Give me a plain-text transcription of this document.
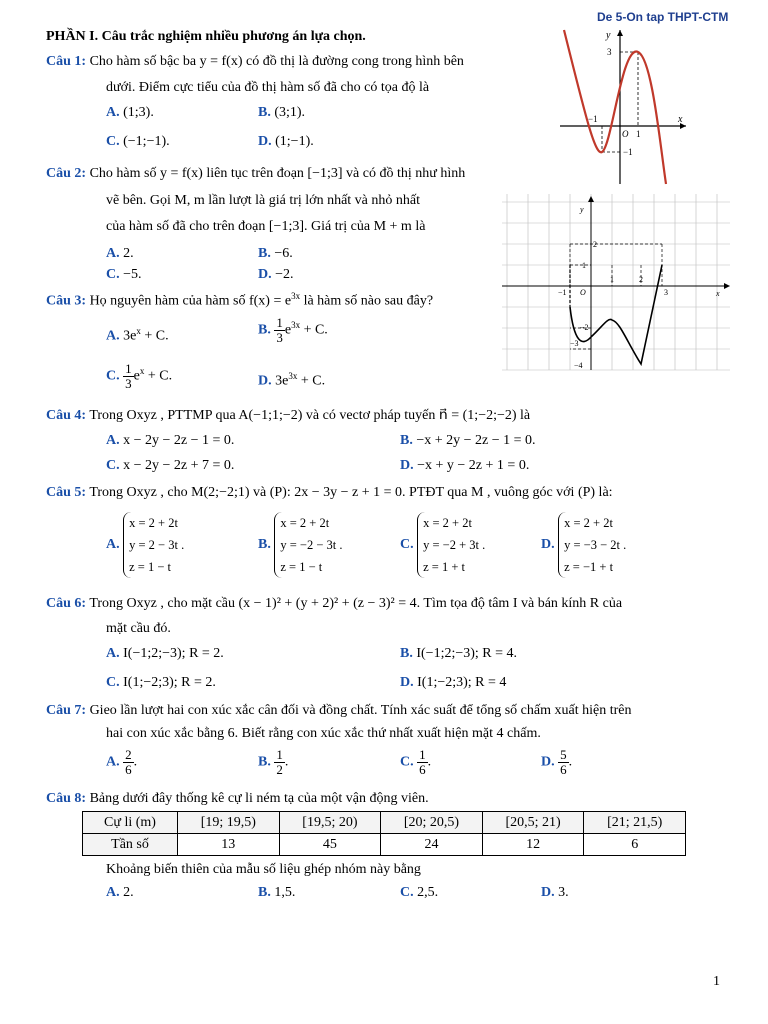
De 5-On tap THPT-CTM
PHẦN I. Câu trắc nghiệm nhiều phương án lựa chọn.
Câu 1: Cho hàm số bậc ba y = f(x) có đồ thị là đường cong trong hình bên
dưới. Điểm cực tiểu của đồ thị hàm số đã cho có tọa độ là
A. (1;3).	B. (3;1).
C. (−1;−1).	D. (1;−1).
y
3
−1	x
O 1
−1
Câu 2: Cho hàm số y = f(x) liên tục trên đoạn [−1;3] và có đồ thị như hình
vẽ bên. Gọi M, m lần lượt là giá trị lớn nhất và nhỏ nhất
của hàm số đã cho trên đoạn [−1;3]. Giá trị của M + m là
A. 2.	B. −6.
C. −5.	D. −2.
y
2
1
1	2
−1 O	3	x
−2
−3
−4
Câu 3: Họ nguyên hàm của hàm số $f(x) = e^{3x}$ là hàm số nào sau đây?
A. $3e^x + C$.	B. $\frac{1}{3} e^{3x} + C$.
C. $\frac{1}{3} e^x + C$.	D. $3e^{3x} + C$.
Câu 4: Trong Oxyz , PTTMP qua A(−1;1;−2) và có vectơ pháp tuyến n⃗ = (1;−2;−2) là
A. x − 2y − 2z − 1 = 0.	B. −x + 2y − 2z − 1 = 0.
C. x − 2y − 2z + 7 = 0.	D. −x + y − 2z + 1 = 0.
Câu 5: Trong Oxyz , cho M(2;−2;1) và (P): 2x − 3y − z + 1 = 0. PTĐT qua M , vuông góc với (P) là:
A.
x = 2 + 2t
y = 2 − 3t .
z = 1 − t
B.
x = 2 + 2t
y = −2 − 3t .
z = 1 − t
C.
x = 2 + 2t
y = −2 + 3t .
z = 1 + t
D.
x = 2 + 2t
y = −3 − 2t .
z = −1 + t
Câu 6: Trong Oxyz , cho mặt cầu (x − 1)² + (y + 2)² + (z − 3)² = 4. Tìm tọa độ tâm I và bán kính R của
mặt cầu đó.
A. I(−1;2;−3); R = 2.	B. I(−1;2;−3); R = 4.
C. I(1;−2;3); R = 2.	D. I(1;−2;3); R = 4
Câu 7: Gieo lần lượt hai con xúc xắc cân đối và đồng chất. Tính xác suất để tổng số chấm xuất hiện trên
hai con xúc xắc bằng 6. Biết rằng con xúc xắc thứ nhất xuất hiện mặt 4 chấm.
A. $\frac{2}{6}$ .	B. $\frac{1}{2}$ .	C. $\frac{1}{6}$ .	D. $\frac{5}{6}$ .
Câu 8: Bảng dưới đây thống kê cự li ném tạ của một vận động viên.
Cự li (m)	[19; 19,5)	[19,5; 20)	[20; 20,5)	[20,5; 21)	[21; 21,5)
Tần số	13	45	24	12	6
Khoảng biến thiên của mẫu số liệu ghép nhóm này bằng
A. 2.	B. 1,5.	C. 2,5.	D. 3.
1
